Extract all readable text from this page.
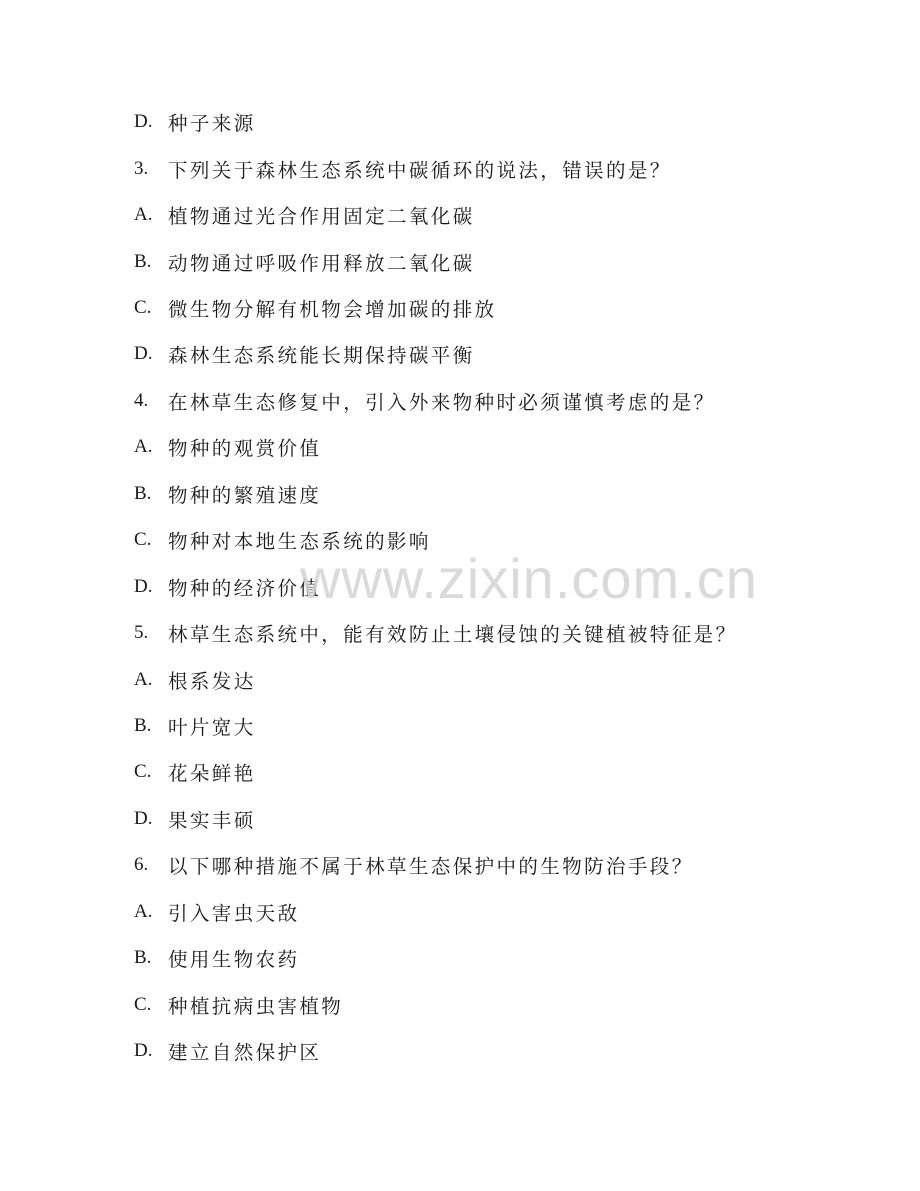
D. 种子来源
3.	下列关于森林生态系统中碳循环的说法，错误的是？
A. 植物通过光合作用固定二氧化碳
B. 动物通过呼吸作用释放二氧化碳
C. 微生物分解有机物会增加碳的排放
D. 森林生态系统能长期保持碳平衡
4.	在林草生态修复中，引入外来物种时必须谨慎考虑的是？
A. 物种的观赏价值
B. 物种的繁殖速度
C. 物种对本地生态系统的影响
D. 物种的经济价值
5.	林草生态系统中，能有效防止土壤侵蚀的关键植被特征是？
A. 根系发达
B. 叶片宽大
C. 花朵鲜艳
D. 果实丰硕
6.	以下哪种措施不属于林草生态保护中的生物防治手段？
A. 引入害虫天敌
B. 使用生物农药
C. 种植抗病虫害植物
D. 建立自然保护区
www.zixin.com.cn
